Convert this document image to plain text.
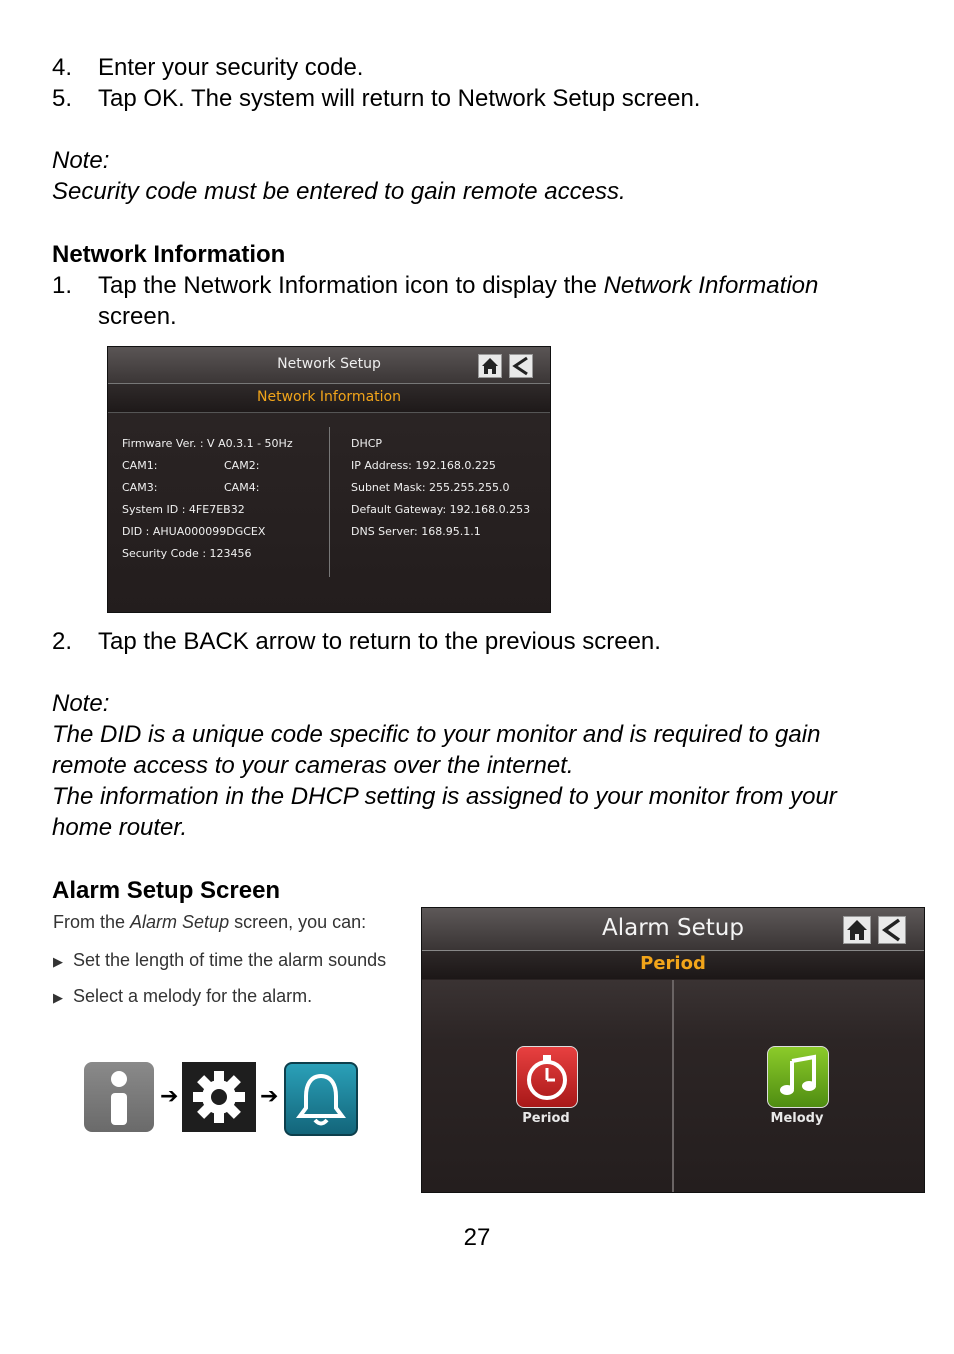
4. Enter your security code.
5. Tap OK. The system will return to Network Setup screen.
Note:
Security code must be entered to gain remote access.
Network Information
1. Tap the Network Information icon to display the Network Information
screen.
Network Setup
Network Information
Firmware Ver. : V A0.3.1 - 50Hz
CAM1:	CAM2:
CAM3:	CAM4:
System ID : 4FE7EB32
DID : AHUA000099DGCEX
Security Code : 123456
DHCP
IP Address: 192.168.0.225
Subnet Mask: 255.255.255.0
Default Gateway: 192.168.0.253
DNS Server: 168.95.1.1
2. Tap the BACK arrow to return to the previous screen.
Note:
The DID is a unique code specific to your monitor and is required to gain
remote access to your cameras over the internet.
The information in the DHCP setting is assigned to your monitor from your
home router.
Alarm Setup Screen
From the Alarm Setup screen, you can:
▶ Set the length of time the alarm sounds
▶ Select a melody for the alarm.
➔	➔
Alarm Setup
Period
Period	Melody
27
